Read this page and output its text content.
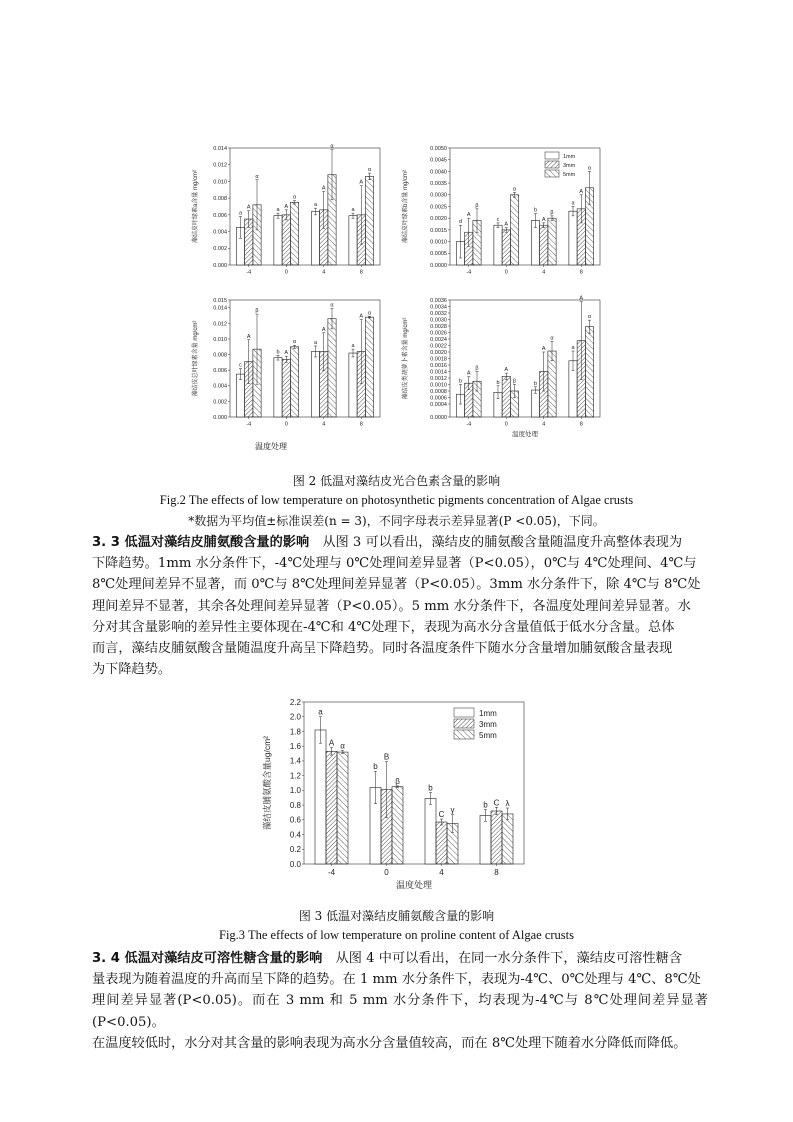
0.000
0.002
0.004
0.006
0.008
0.010
0.012
0.014
藻结皮叶绿素a含量 mg/cm²
-4
a
A
α
0
a
A
α
4
a
A
α
8
a
A
α
0.0000
0.0005
0.0010
0.0015
0.0020
0.0025
0.0030
0.0035
0.0040
0.0045
0.0050
藻结皮叶绿素b含量 mg/cm²
-4
d
A
β
0
c
A
α
4
b
A
β
8
a
A
α
1mm
3mm
5mm
0.000
0.002
0.004
0.006
0.008
0.010
0.012
0.014
0.015
藻结皮总叶绿素含量 mg/cm²
-4
c
A
β
0
b A
α
4
a
A
α
8
a
A
α
0.0000
0.0004
0.0006
0.0008
0.0010
0.0012
0.0014
0.0016
0.0018
0.0020
0.0022
0.0024
0.0026
0.0028
0.0030
0.0032
0.0034
0.0036
藻结皮类胡萝卜素含量 mg/cm²
-4
b
A
β
0
b
A
β
4
b
A
α
8
a
A
α
温度处理
温度处理
图 2 低温对藻结皮光合色素含量的影响
Fig.2 The effects of low temperature on photosynthetic pigments concentration of Algae crusts
*数据为平均值±标准误差(n = 3)，不同字母表示差异显著(P <0.05)，下同。
3. 3 低温对藻结皮脯氨酸含量的影响　从图 3 可以看出，藻结皮的脯氨酸含量随温度升高整体表现为
下降趋势。1mm 水分条件下，-4℃处理与 0℃处理间差异显著（P<0.05），0℃与 4℃处理间、4℃与
8℃处理间差异不显著，而 0℃与 8℃处理间差异显著（P<0.05）。3mm 水分条件下，除 4℃与 8℃处
理间差异不显著，其余各处理间差异显著（P<0.05）。5 mm 水分条件下，各温度处理间差异显著。水
分对其含量影响的差异性主要体现在-4℃和 4℃处理下，表现为高水分含量值低于低水分含量。总体
而言，藻结皮脯氨酸含量随温度升高呈下降趋势。同时各温度条件下随水分含量增加脯氨酸含量表现
为下降趋势。
0.0
0.2
0.4
0.6
0.8
1.0
1.2
1.4
1.6
1.8
2.0
2.2
藻结皮脯氨酸含量ug/cm²
-4
a
A α
0
b
B
β
4
b
C γ
8
b C λ
温度处理
1mm
3mm
5mm
图 3 低温对藻结皮脯氨酸含量的影响
Fig.3 The effects of low temperature on proline content of Algae crusts
3. 4 低温对藻结皮可溶性糖含量的影响　从图 4 中可以看出，在同一水分条件下，藻结皮可溶性糖含
量表现为随着温度的升高而呈下降的趋势。在 1 mm 水分条件下，表现为-4℃、0℃处理与 4℃、8℃处
理间差异显著(P<0.05)。而在 3 mm 和 5 mm 水分条件下，均表现为-4℃与 8℃处理间差异显著(P<0.05)。
在温度较低时，水分对其含量的影响表现为高水分含量值较高，而在 8℃处理下随着水分降低而降低。
